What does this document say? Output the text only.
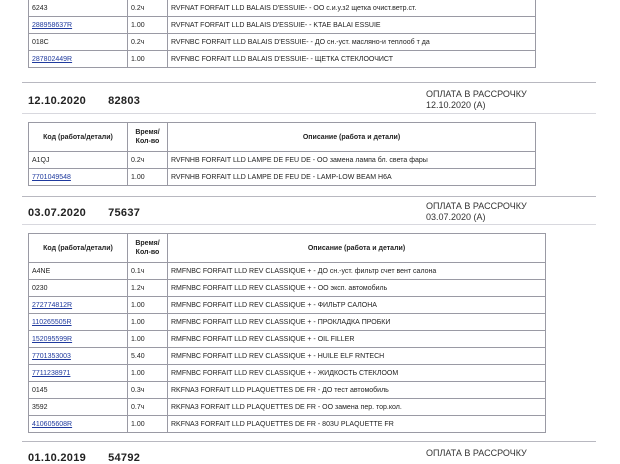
6243	0.2ч	RVFNAT FORFAIT LLD BALAIS D'ESSUIE- - ОО с.и.у.з2 щетка очист.ветр.ст.
288958637R	1.00	RVFNAT FORFAIT LLD BALAIS D'ESSUIE- - KTAE BALAI ESSUIE
018C	0.2ч	RVFNBC FORFAIT LLD BALAIS D'ESSUIE- - ДО сн.-уст. масляно-и теплооб т да
287802449R	1.00	RVFNBC FORFAIT LLD BALAIS D'ESSUIE- - ЩЕТКА СТЕКЛООЧИСТ
12.10.2020 82803
ОПЛАТА В РАССРОЧКУ
12.10.2020 (А)
Код (работа/детали)	Время/ Кол-во	Описание (работа и детали)
A1QJ	0.2ч	RVFNHB FORFAIT LLD LAMPE DE FEU DE - ОО замена лампа бл. света фары
7701049548	1.00	RVFNHB FORFAIT LLD LAMPE DE FEU DE - LAMP-LOW BEAM H6A
03.07.2020 75637
ОПЛАТА В РАССРОЧКУ
03.07.2020 (А)
Код (работа/детали)	Время/ Кол-во	Описание (работа и детали)
A4NE	0.1ч	RMFNBC FORFAIT LLD REV CLASSIQUE + - ДО сн.-уст. фильтр счет вент салона
0230	1.2ч	RMFNBC FORFAIT LLD REV CLASSIQUE + - ОО эксп. автомобиль
272774812R	1.00	RMFNBC FORFAIT LLD REV CLASSIQUE + - ФИЛЬТР САЛОНА
110265505R	1.00	RMFNBC FORFAIT LLD REV CLASSIQUE + - ПРОКЛАДКА ПРОБКИ
152095599R	1.00	RMFNBC FORFAIT LLD REV CLASSIQUE + - OIL FILLER
7701353003	5.40	RMFNBC FORFAIT LLD REV CLASSIQUE + - HUILE ELF RNTECH
7711238971	1.00	RMFNBC FORFAIT LLD REV CLASSIQUE + - ЖИДКОСТЬ СТЕКЛООМ
0145	0.3ч	RKFNA3 FORFAIT LLD PLAQUETTES DE FR - ДО тест автомобиль
3592	0.7ч	RKFNA3 FORFAIT LLD PLAQUETTES DE FR - ОО замена пер. тор.кол.
410605608R	1.00	RKFNA3 FORFAIT LLD PLAQUETTES DE FR - 803U PLAQUETTE FR
01.10.2019 54792	ОПЛАТА В РАССРОЧКУ
